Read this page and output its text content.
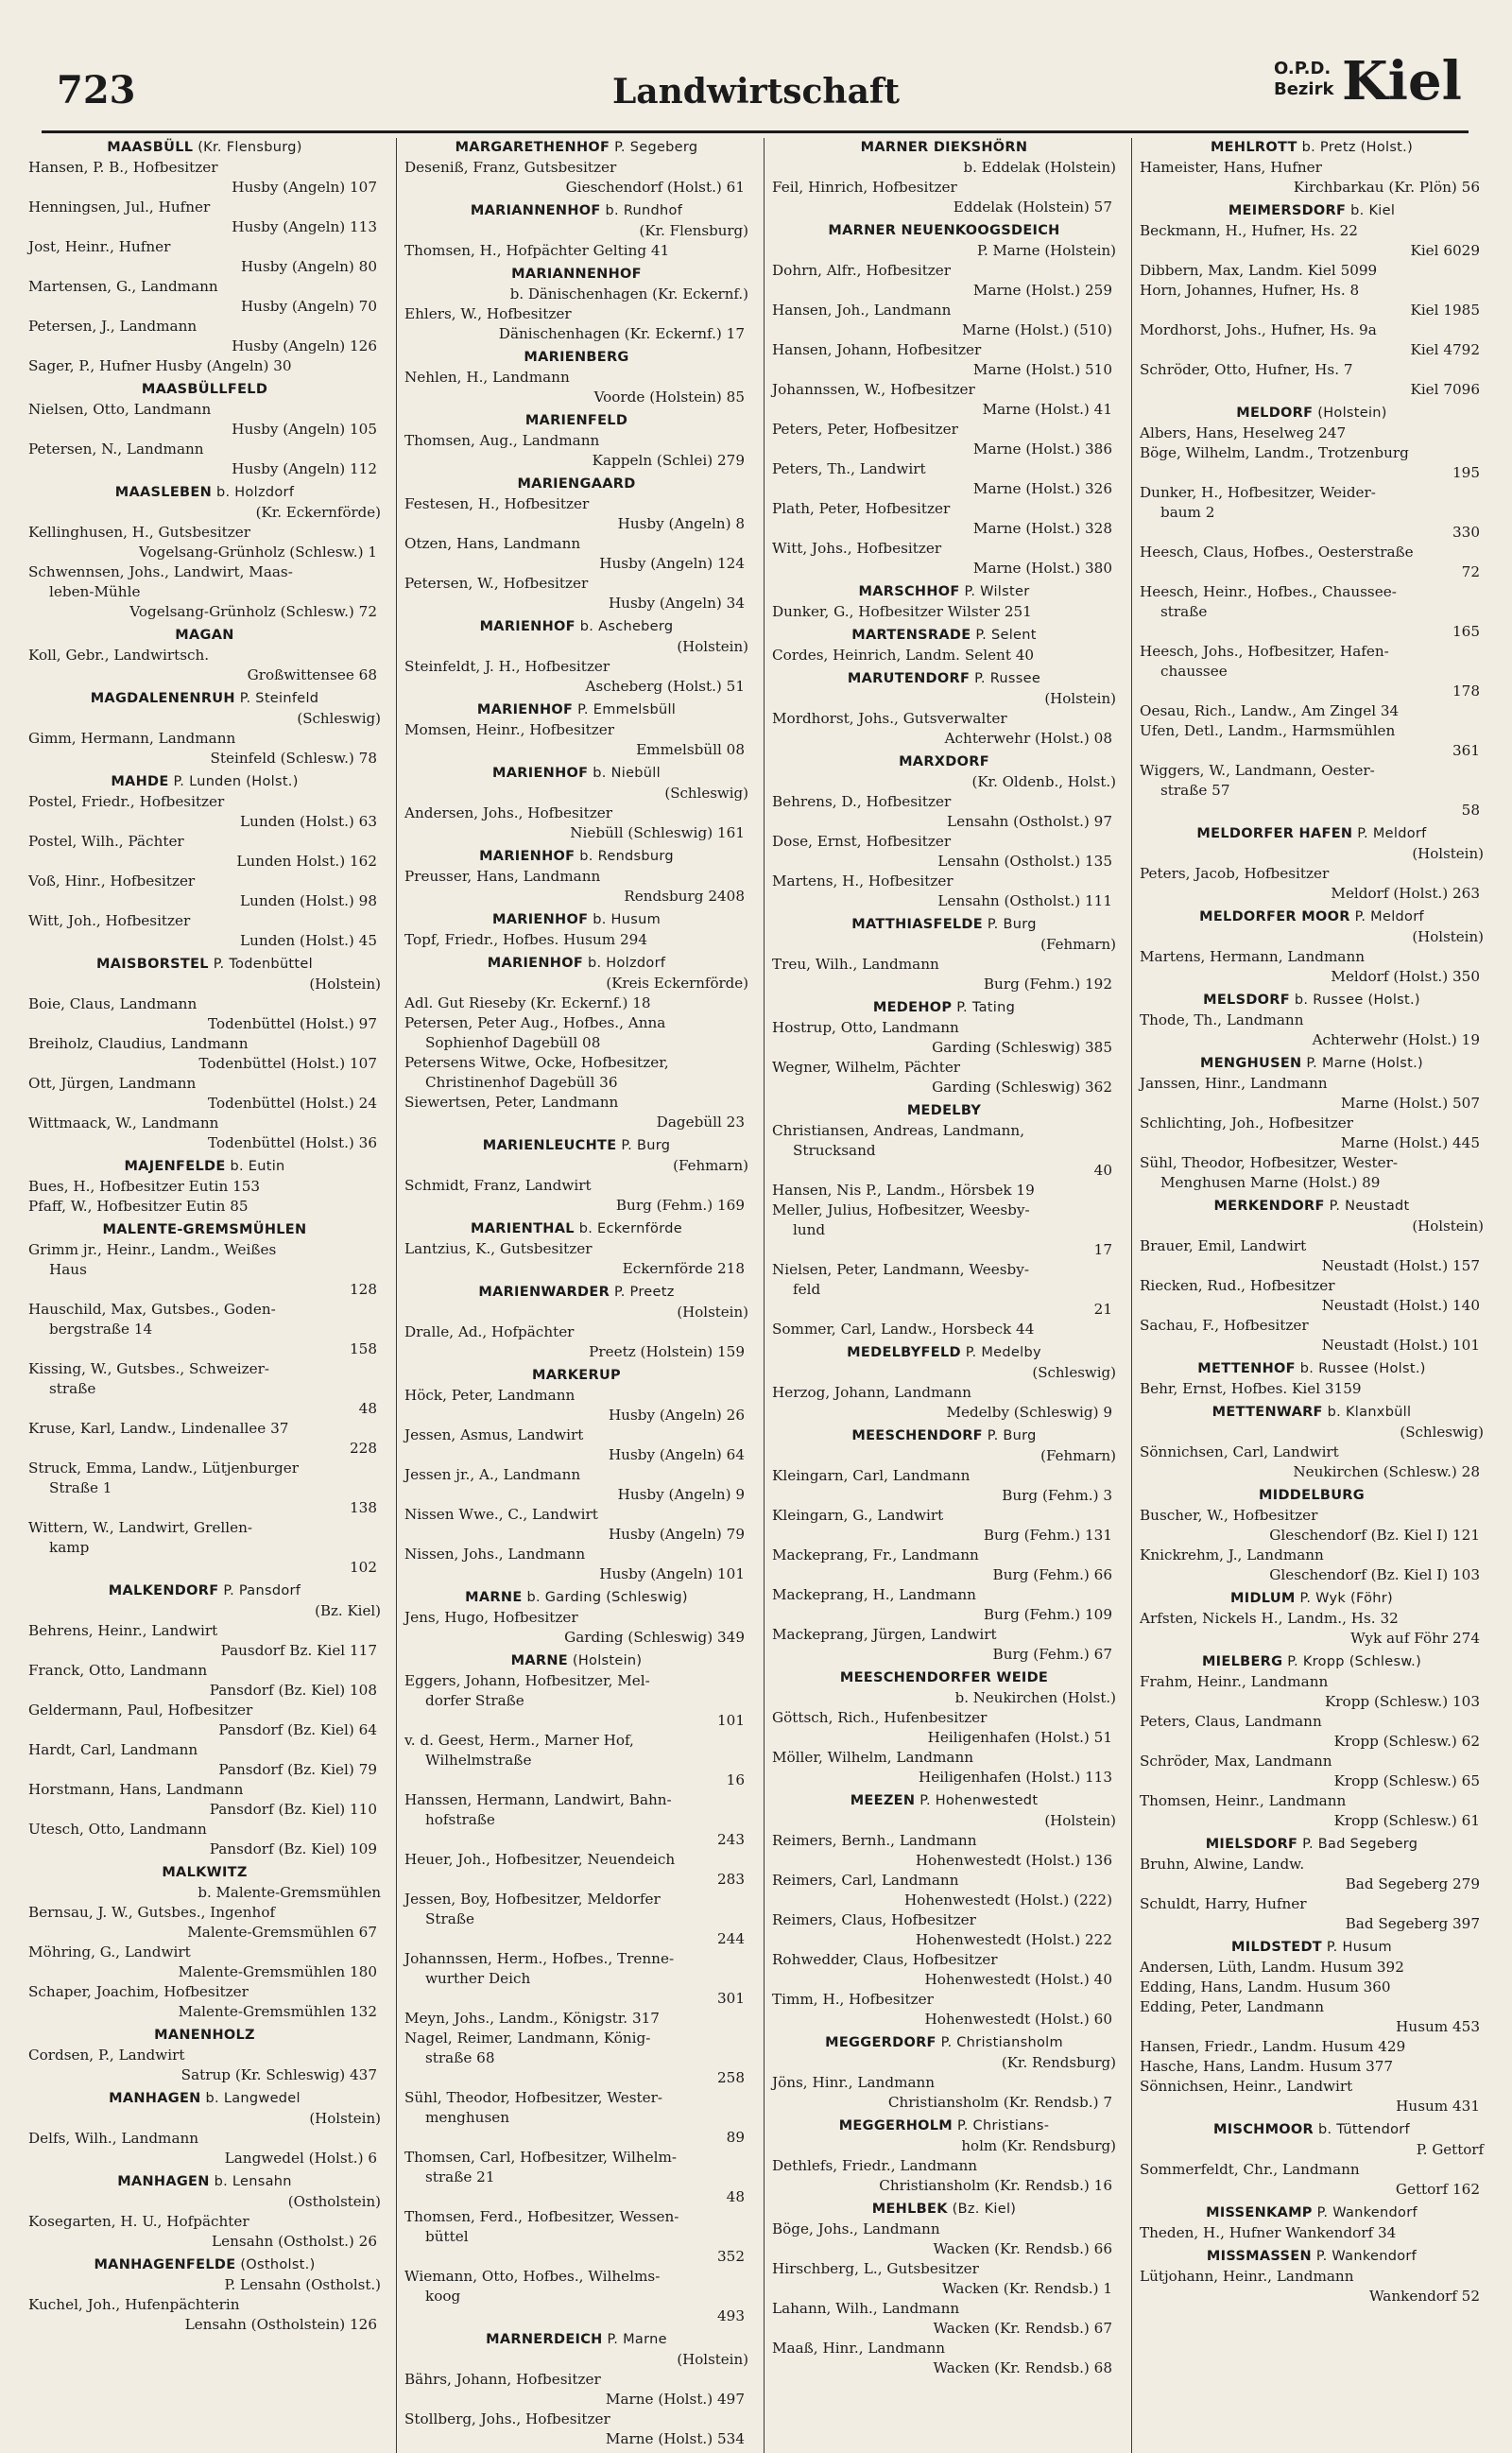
723	Landwirtschaft
O.P.D.
Bezirk Kiel
MAASBÜLL (Kr. Flensburg)
Hansen, P. B., Hofbesitzer
Husby (Angeln) 107
Henningsen, Jul., Hufner
Husby (Angeln) 113
Jost, Heinr., Hufner
Husby (Angeln) 80
Martensen, G., Landmann
Husby (Angeln) 70
Petersen, J., Landmann
Husby (Angeln) 126
Sager, P., Hufner Husby (Angeln) 30
MAASBÜLLFELD
Nielsen, Otto, Landmann
Husby (Angeln) 105
Petersen, N., Landmann
Husby (Angeln) 112
MAASLEBEN b. Holzdorf
(Kr. Eckernförde)
Kellinghusen, H., Gutsbesitzer
Vogelsang-Grünholz (Schlesw.) 1
Schwennsen, Johs., Landwirt, Maas-
leben-Mühle
Vogelsang-Grünholz (Schlesw.) 72
MAGAN
Koll, Gebr., Landwirtsch.
Großwittensee 68
MAGDALENENRUH P. Steinfeld
(Schleswig)
Gimm, Hermann, Landmann
Steinfeld (Schlesw.) 78
MAHDE P. Lunden (Holst.)
Postel, Friedr., Hofbesitzer
Lunden (Holst.) 63
Postel, Wilh., Pächter
Lunden Holst.) 162
Voß, Hinr., Hofbesitzer
Lunden (Holst.) 98
Witt, Joh., Hofbesitzer
Lunden (Holst.) 45
MAISBORSTEL P. Todenbüttel
(Holstein)
Boie, Claus, Landmann
Todenbüttel (Holst.) 97
Breiholz, Claudius, Landmann
Todenbüttel (Holst.) 107
Ott, Jürgen, Landmann
Todenbüttel (Holst.) 24
Wittmaack, W., Landmann
Todenbüttel (Holst.) 36
MAJENFELDE b. Eutin
Bues, H., Hofbesitzer Eutin 153
Pfaff, W., Hofbesitzer Eutin 85
MALENTE-GREMSMÜHLEN
Grimm jr., Heinr., Landm., Weißes
Haus
128
Hauschild, Max, Gutsbes., Goden-
bergstraße 14
158
Kissing, W., Gutsbes., Schweizer-
straße
48
Kruse, Karl, Landw., Lindenallee 37
228
Struck, Emma, Landw., Lütjenburger
Straße 1
138
Wittern, W., Landwirt, Grellen-
kamp
102
MALKENDORF P. Pansdorf
(Bz. Kiel)
Behrens, Heinr., Landwirt
Pausdorf Bz. Kiel 117
Franck, Otto, Landmann
Pansdorf (Bz. Kiel) 108
Geldermann, Paul, Hofbesitzer
Pansdorf (Bz. Kiel) 64
Hardt, Carl, Landmann
Pansdorf (Bz. Kiel) 79
Horstmann, Hans, Landmann
Pansdorf (Bz. Kiel) 110
Utesch, Otto, Landmann
Pansdorf (Bz. Kiel) 109
MALKWITZ
b. Malente-Gremsmühlen
Bernsau, J. W., Gutsbes., Ingenhof
Malente-Gremsmühlen 67
Möhring, G., Landwirt
Malente-Gremsmühlen 180
Schaper, Joachim, Hofbesitzer
Malente-Gremsmühlen 132
MANENHOLZ
Cordsen, P., Landwirt
Satrup (Kr. Schleswig) 437
MANHAGEN b. Langwedel
(Holstein)
Delfs, Wilh., Landmann
Langwedel (Holst.) 6
MANHAGEN b. Lensahn
(Ostholstein)
Kosegarten, H. U., Hofpächter
Lensahn (Ostholst.) 26
MANHAGENFELDE (Ostholst.)
P. Lensahn (Ostholst.)
Kuchel, Joh., Hufenpächterin
Lensahn (Ostholstein) 126
MARGARETHENHOF P. Segeberg
Deseniß, Franz, Gutsbesitzer
Gieschendorf (Holst.) 61
MARIANNENHOF b. Rundhof
(Kr. Flensburg)
Thomsen, H., Hofpächter Gelting 41
MARIANNENHOF
b. Dänischenhagen (Kr. Eckernf.)
Ehlers, W., Hofbesitzer
Dänischenhagen (Kr. Eckernf.) 17
MARIENBERG
Nehlen, H., Landmann
Voorde (Holstein) 85
MARIENFELD
Thomsen, Aug., Landmann
Kappeln (Schlei) 279
MARIENGAARD
Festesen, H., Hofbesitzer
Husby (Angeln) 8
Otzen, Hans, Landmann
Husby (Angeln) 124
Petersen, W., Hofbesitzer
Husby (Angeln) 34
MARIENHOF b. Ascheberg
(Holstein)
Steinfeldt, J. H., Hofbesitzer
Ascheberg (Holst.) 51
MARIENHOF P. Emmelsbüll
Momsen, Heinr., Hofbesitzer
Emmelsbüll 08
MARIENHOF b. Niebüll
(Schleswig)
Andersen, Johs., Hofbesitzer
Niebüll (Schleswig) 161
MARIENHOF b. Rendsburg
Preusser, Hans, Landmann
Rendsburg 2408
MARIENHOF b. Husum
Topf, Friedr., Hofbes. Husum 294
MARIENHOF b. Holzdorf
(Kreis Eckernförde)
Adl. Gut Rieseby (Kr. Eckernf.) 18
Petersen, Peter Aug., Hofbes., Anna
Sophienhof Dagebüll 08
Petersens Witwe, Ocke, Hofbesitzer,
Christinenhof Dagebüll 36
Siewertsen, Peter, Landmann
Dagebüll 23
MARIENLEUCHTE P. Burg
(Fehmarn)
Schmidt, Franz, Landwirt
Burg (Fehm.) 169
MARIENTHAL b. Eckernförde
Lantzius, K., Gutsbesitzer
Eckernförde 218
MARIENWARDER P. Preetz
(Holstein)
Dralle, Ad., Hofpächter
Preetz (Holstein) 159
MARKERUP
Höck, Peter, Landmann
Husby (Angeln) 26
Jessen, Asmus, Landwirt
Husby (Angeln) 64
Jessen jr., A., Landmann
Husby (Angeln) 9
Nissen Wwe., C., Landwirt
Husby (Angeln) 79
Nissen, Johs., Landmann
Husby (Angeln) 101
MARNE b. Garding (Schleswig)
Jens, Hugo, Hofbesitzer
Garding (Schleswig) 349
MARNE (Holstein)
Eggers, Johann, Hofbesitzer, Mel-
dorfer Straße
101
v. d. Geest, Herm., Marner Hof,
Wilhelmstraße
16
Hanssen, Hermann, Landwirt, Bahn-
hofstraße
243
Heuer, Joh., Hofbesitzer, Neuendeich
283
Jessen, Boy, Hofbesitzer, Meldorfer
Straße
244
Johannssen, Herm., Hofbes., Trenne-
wurther Deich
301
Meyn, Johs., Landm., Königstr. 317
Nagel, Reimer, Landmann, König-
straße 68
258
Sühl, Theodor, Hofbesitzer, Wester-
menghusen
89
Thomsen, Carl, Hofbesitzer, Wilhelm-
straße 21
48
Thomsen, Ferd., Hofbesitzer, Wessen-
büttel
352
Wiemann, Otto, Hofbes., Wilhelms-
koog
493
MARNERDEICH P. Marne
(Holstein)
Bährs, Johann, Hofbesitzer
Marne (Holst.) 497
Stollberg, Johs., Hofbesitzer
Marne (Holst.) 534
MARNER DIEKSHÖRN
b. Eddelak (Holstein)
Feil, Hinrich, Hofbesitzer
Eddelak (Holstein) 57
MARNER NEUENKOOGSDEICH
P. Marne (Holstein)
Dohrn, Alfr., Hofbesitzer
Marne (Holst.) 259
Hansen, Joh., Landmann
Marne (Holst.) (510)
Hansen, Johann, Hofbesitzer
Marne (Holst.) 510
Johannssen, W., Hofbesitzer
Marne (Holst.) 41
Peters, Peter, Hofbesitzer
Marne (Holst.) 386
Peters, Th., Landwirt
Marne (Holst.) 326
Plath, Peter, Hofbesitzer
Marne (Holst.) 328
Witt, Johs., Hofbesitzer
Marne (Holst.) 380
MARSCHHOF P. Wilster
Dunker, G., Hofbesitzer Wilster 251
MARTENSRADE P. Selent
Cordes, Heinrich, Landm. Selent 40
MARUTENDORF P. Russee
(Holstein)
Mordhorst, Johs., Gutsverwalter
Achterwehr (Holst.) 08
MARXDORF
(Kr. Oldenb., Holst.)
Behrens, D., Hofbesitzer
Lensahn (Ostholst.) 97
Dose, Ernst, Hofbesitzer
Lensahn (Ostholst.) 135
Martens, H., Hofbesitzer
Lensahn (Ostholst.) 111
MATTHIASFELDE P. Burg
(Fehmarn)
Treu, Wilh., Landmann
Burg (Fehm.) 192
MEDEHOP P. Tating
Hostrup, Otto, Landmann
Garding (Schleswig) 385
Wegner, Wilhelm, Pächter
Garding (Schleswig) 362
MEDELBY
Christiansen, Andreas, Landmann,
Strucksand
40
Hansen, Nis P., Landm., Hörsbek 19
Meller, Julius, Hofbesitzer, Weesby-
lund
17
Nielsen, Peter, Landmann, Weesby-
feld
21
Sommer, Carl, Landw., Horsbeck 44
MEDELBYFELD P. Medelby
(Schleswig)
Herzog, Johann, Landmann
Medelby (Schleswig) 9
MEESCHENDORF P. Burg
(Fehmarn)
Kleingarn, Carl, Landmann
Burg (Fehm.) 3
Kleingarn, G., Landwirt
Burg (Fehm.) 131
Mackeprang, Fr., Landmann
Burg (Fehm.) 66
Mackeprang, H., Landmann
Burg (Fehm.) 109
Mackeprang, Jürgen, Landwirt
Burg (Fehm.) 67
MEESCHENDORFER WEIDE
b. Neukirchen (Holst.)
Göttsch, Rich., Hufenbesitzer
Heiligenhafen (Holst.) 51
Möller, Wilhelm, Landmann
Heiligenhafen (Holst.) 113
MEEZEN P. Hohenwestedt
(Holstein)
Reimers, Bernh., Landmann
Hohenwestedt (Holst.) 136
Reimers, Carl, Landmann
Hohenwestedt (Holst.) (222)
Reimers, Claus, Hofbesitzer
Hohenwestedt (Holst.) 222
Rohwedder, Claus, Hofbesitzer
Hohenwestedt (Holst.) 40
Timm, H., Hofbesitzer
Hohenwestedt (Holst.) 60
MEGGERDORF P. Christiansholm
(Kr. Rendsburg)
Jöns, Hinr., Landmann
Christiansholm (Kr. Rendsb.) 7
MEGGERHOLM P. Christians-
holm (Kr. Rendsburg)
Dethlefs, Friedr., Landmann
Christiansholm (Kr. Rendsb.) 16
MEHLBEK (Bz. Kiel)
Böge, Johs., Landmann
Wacken (Kr. Rendsb.) 66
Hirschberg, L., Gutsbesitzer
Wacken (Kr. Rendsb.) 1
Lahann, Wilh., Landmann
Wacken (Kr. Rendsb.) 67
Maaß, Hinr., Landmann
Wacken (Kr. Rendsb.) 68
MEHLROTT b. Pretz (Holst.)
Hameister, Hans, Hufner
Kirchbarkau (Kr. Plön) 56
MEIMERSDORF b. Kiel
Beckmann, H., Hufner, Hs. 22
Kiel 6029
Dibbern, Max, Landm. Kiel 5099
Horn, Johannes, Hufner, Hs. 8
Kiel 1985
Mordhorst, Johs., Hufner, Hs. 9a
Kiel 4792
Schröder, Otto, Hufner, Hs. 7
Kiel 7096
MELDORF (Holstein)
Albers, Hans, Heselweg 247
Böge, Wilhelm, Landm., Trotzenburg
195
Dunker, H., Hofbesitzer, Weider-
baum 2
330
Heesch, Claus, Hofbes., Oesterstraße
72
Heesch, Heinr., Hofbes., Chaussee-
straße
165
Heesch, Johs., Hofbesitzer, Hafen-
chaussee
178
Oesau, Rich., Landw., Am Zingel 34
Ufen, Detl., Landm., Harmsmühlen
361
Wiggers, W., Landmann, Oester-
straße 57
58
MELDORFER HAFEN P. Meldorf
(Holstein)
Peters, Jacob, Hofbesitzer
Meldorf (Holst.) 263
MELDORFER MOOR P. Meldorf
(Holstein)
Martens, Hermann, Landmann
Meldorf (Holst.) 350
MELSDORF b. Russee (Holst.)
Thode, Th., Landmann
Achterwehr (Holst.) 19
MENGHUSEN P. Marne (Holst.)
Janssen, Hinr., Landmann
Marne (Holst.) 507
Schlichting, Joh., Hofbesitzer
Marne (Holst.) 445
Sühl, Theodor, Hofbesitzer, Wester-
Menghusen Marne (Holst.) 89
MERKENDORF P. Neustadt
(Holstein)
Brauer, Emil, Landwirt
Neustadt (Holst.) 157
Riecken, Rud., Hofbesitzer
Neustadt (Holst.) 140
Sachau, F., Hofbesitzer
Neustadt (Holst.) 101
METTENHOF b. Russee (Holst.)
Behr, Ernst, Hofbes. Kiel 3159
METTENWARF b. Klanxbüll
(Schleswig)
Sönnichsen, Carl, Landwirt
Neukirchen (Schlesw.) 28
MIDDELBURG
Buscher, W., Hofbesitzer
Gleschendorf (Bz. Kiel I) 121
Knickrehm, J., Landmann
Gleschendorf (Bz. Kiel I) 103
MIDLUM P. Wyk (Föhr)
Arfsten, Nickels H., Landm., Hs. 32
Wyk auf Föhr 274
MIELBERG P. Kropp (Schlesw.)
Frahm, Heinr., Landmann
Kropp (Schlesw.) 103
Peters, Claus, Landmann
Kropp (Schlesw.) 62
Schröder, Max, Landmann
Kropp (Schlesw.) 65
Thomsen, Heinr., Landmann
Kropp (Schlesw.) 61
MIELSDORF P. Bad Segeberg
Bruhn, Alwine, Landw.
Bad Segeberg 279
Schuldt, Harry, Hufner
Bad Segeberg 397
MILDSTEDT P. Husum
Andersen, Lüth, Landm. Husum 392
Edding, Hans, Landm. Husum 360
Edding, Peter, Landmann
Husum 453
Hansen, Friedr., Landm. Husum 429
Hasche, Hans, Landm. Husum 377
Sönnichsen, Heinr., Landwirt
Husum 431
MISCHMOOR b. Tüttendorf
P. Gettorf
Sommerfeldt, Chr., Landmann
Gettorf 162
MISSENKAMP P. Wankendorf
Theden, H., Hufner Wankendorf 34
MISSMASSEN P. Wankendorf
Lütjohann, Heinr., Landmann
Wankendorf 52
